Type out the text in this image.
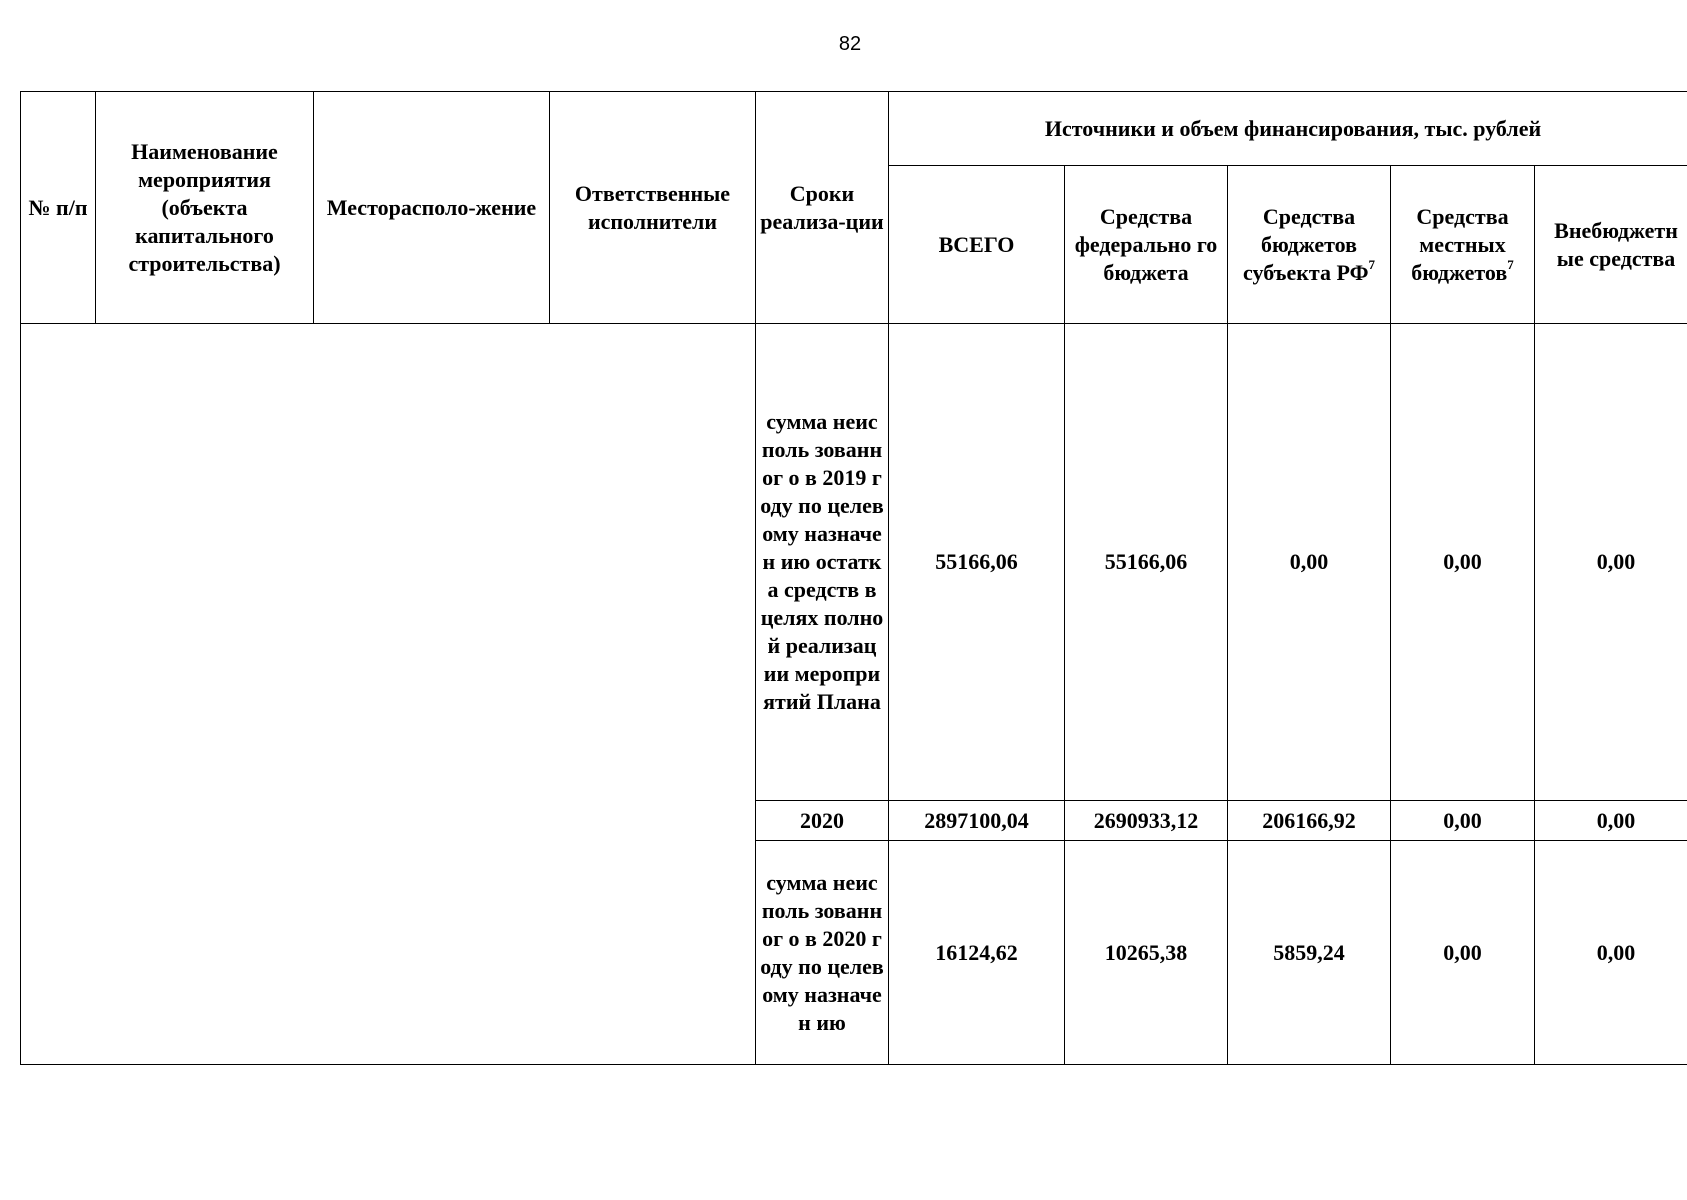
82
№ п/п	Наименование мероприятия (объекта капитального строительства)	Месторасполо-жение	Ответственные исполнители	Сроки реализа-ции	Источники и объем финансирования, тыс. рублей				
					ВСЕГО	Средства федерально го бюджета	Средства бюджетов субъекта $РФ^7$	Средства местных бюджетов$^7$	Внебюджетн ые средства
				сумма неисполь зованног о в 2019 году по целевому назначен ию остатка средств в целях полной реализац ии меропри ятий Плана	55166,06	55166,06	0,00	0,00	0,00
				2020	2897100,04	2690933,12	206166,92	0,00	0,00
				сумма неисполь зованног о в 2020 году по целевому назначен ию	16124,62	10265,38	5859,24	0,00	0,00
